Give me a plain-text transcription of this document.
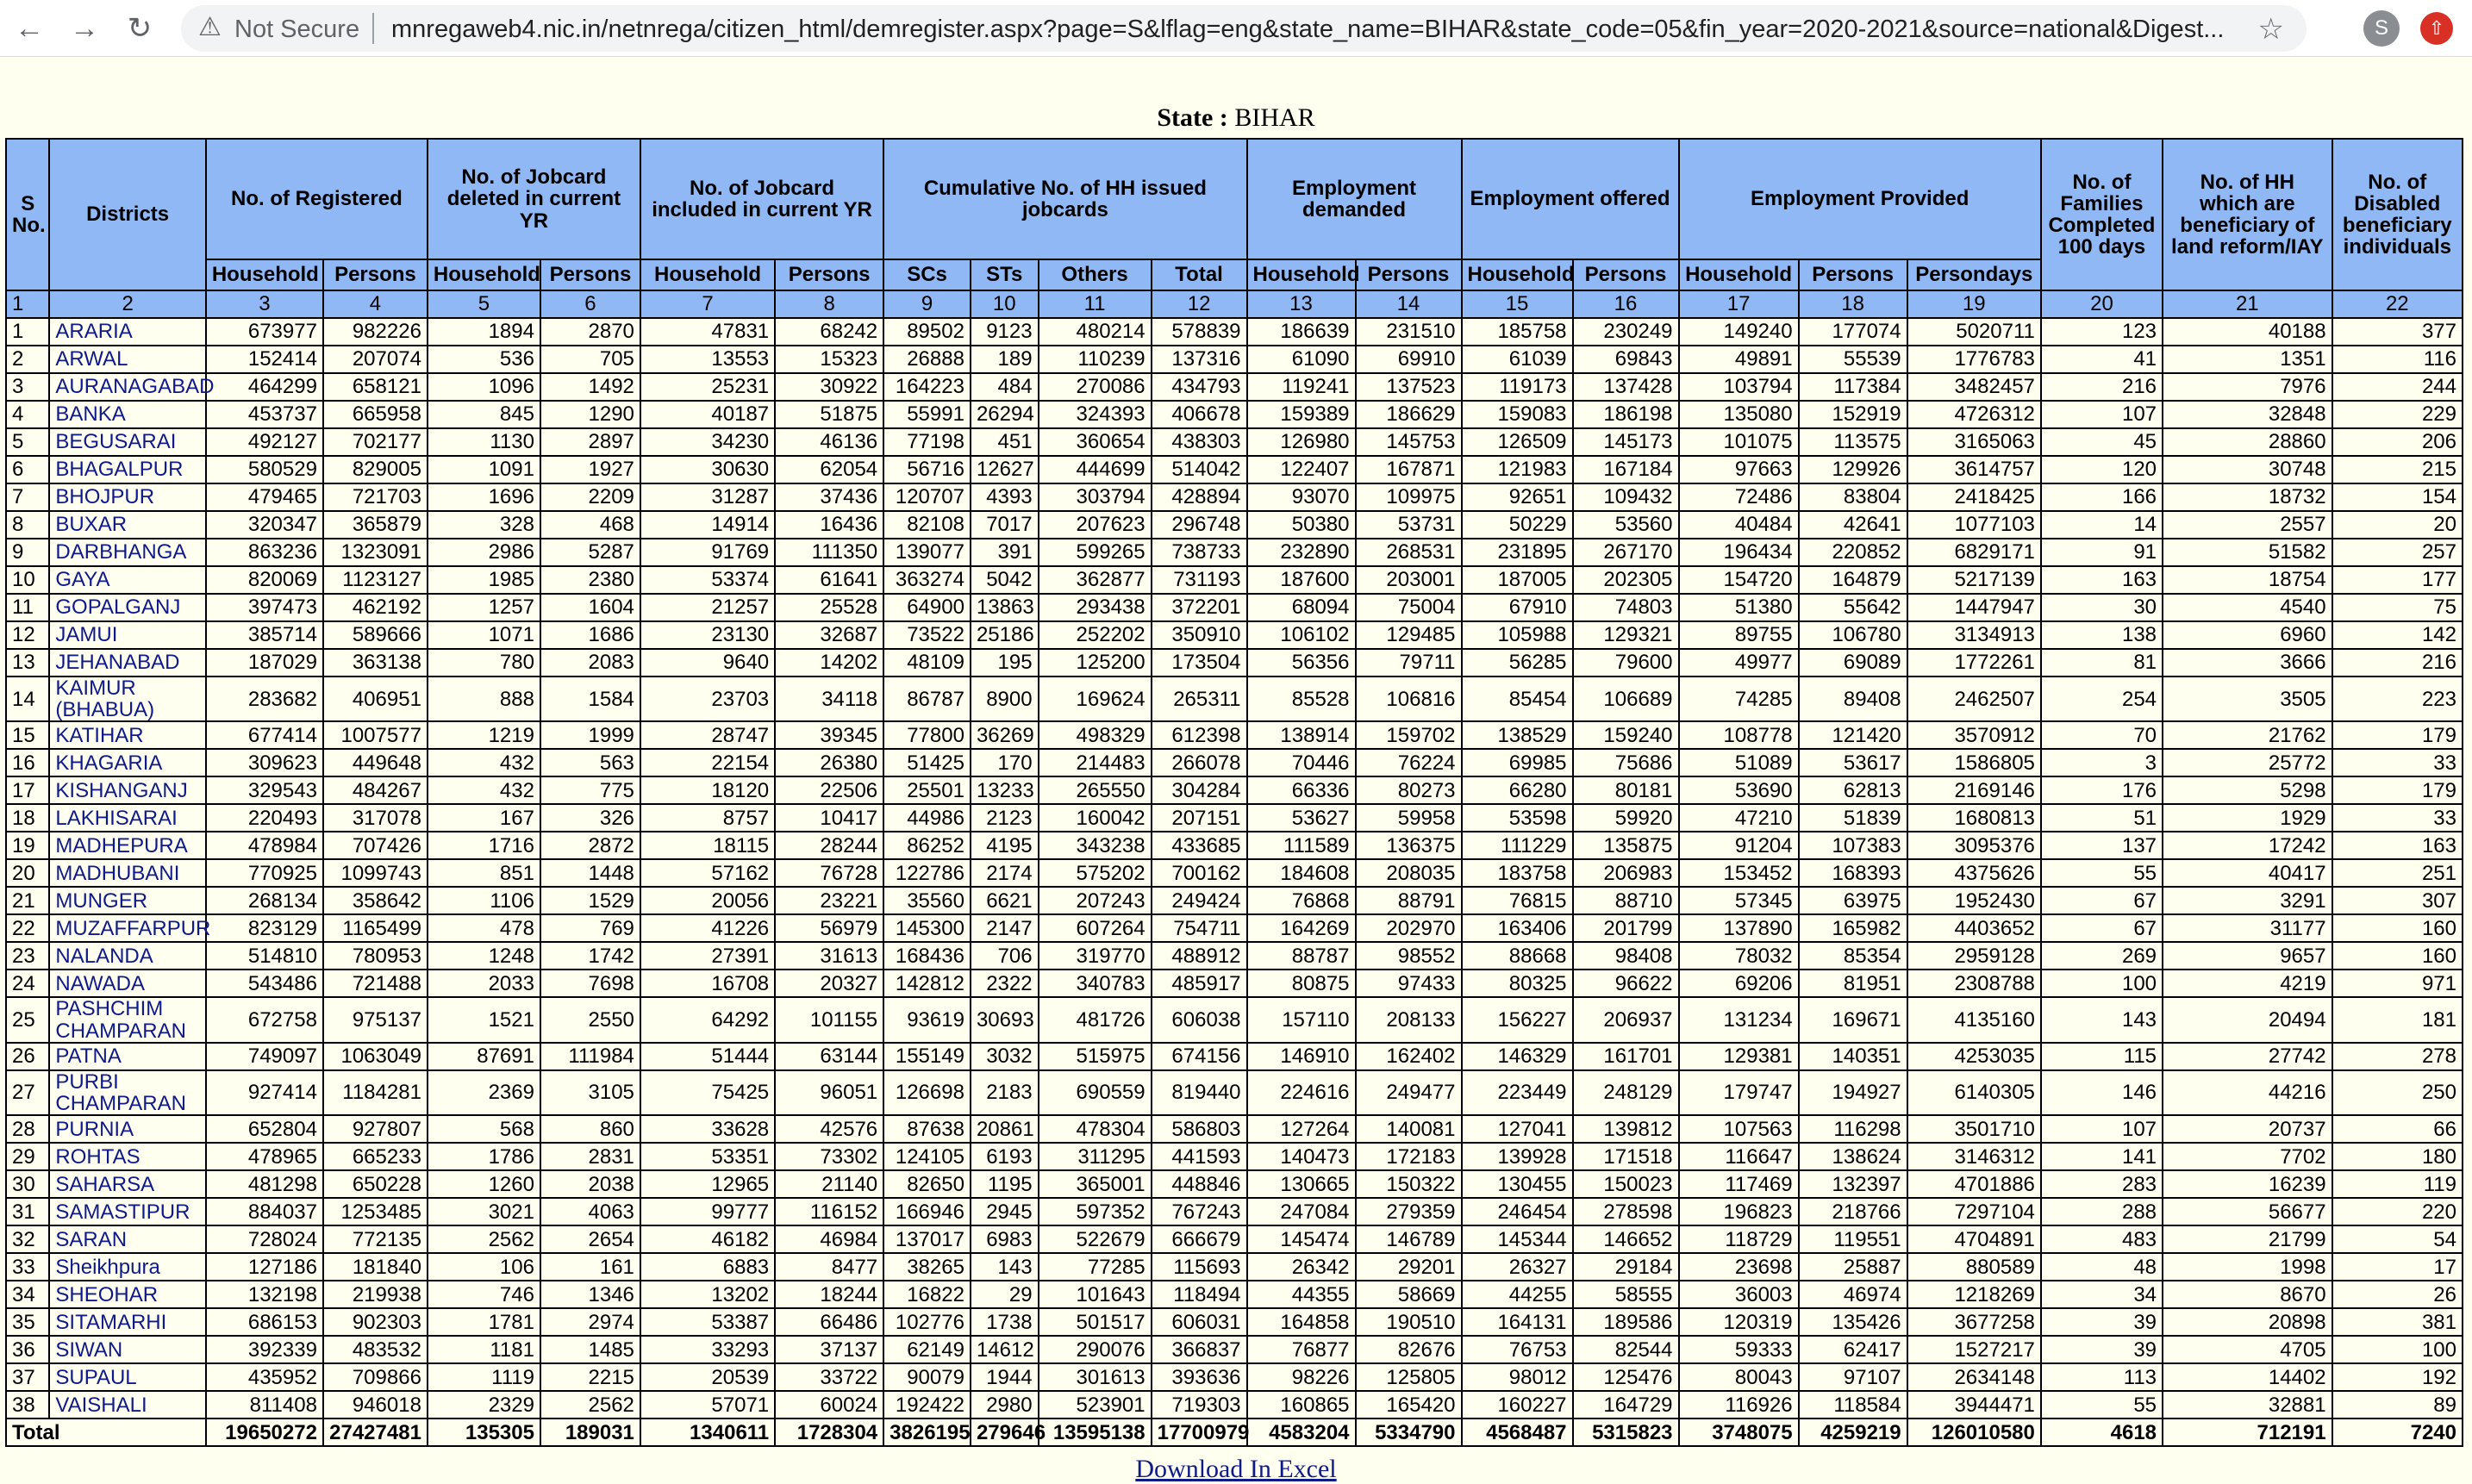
← → ↻ ⚠ Not Secure mnregaweb4.nic.in/netnrega/citizen_html/demregister.aspx?page=S&lflag=eng&state_name=BIHAR&state_code=05&fin_year=2020-2021&source=national&Digest... ☆	S	⇧
State : BIHAR
S No.	Districts	No. of Registered		No. of Jobcard deleted in current YR		No. of Jobcard included in current YR		Cumulative No. of HH issued jobcards				Employment demanded		Employment offered		Employment Provided			No. of Families Completed 100 days	No. of HH which are beneficiary of land reform/IAY	No. of Disabled beneficiary individuals
		Household	Persons	Household	Persons	Household	Persons	SCs	STs	Others	Total	Household	Persons	Household	Persons	Household	Persons	Persondays			
1	2	3	4	5	6	7	8	9	10	11	12	13	14	15	16	17	18	19	20	21	22
1	ARARIA	673977	982226	1894	2870	47831	68242	89502	9123	480214	578839	186639	231510	185758	230249	149240	177074	5020711	123	40188	377
2	ARWAL	152414	207074	536	705	13553	15323	26888	189	110239	137316	61090	69910	61039	69843	49891	55539	1776783	41	1351	116
3	AURANAGABAD	464299	658121	1096	1492	25231	30922	164223	484	270086	434793	119241	137523	119173	137428	103794	117384	3482457	216	7976	244
4	BANKA	453737	665958	845	1290	40187	51875	55991	26294	324393	406678	159389	186629	159083	186198	135080	152919	4726312	107	32848	229
5	BEGUSARAI	492127	702177	1130	2897	34230	46136	77198	451	360654	438303	126980	145753	126509	145173	101075	113575	3165063	45	28860	206
6	BHAGALPUR	580529	829005	1091	1927	30630	62054	56716	12627	444699	514042	122407	167871	121983	167184	97663	129926	3614757	120	30748	215
7	BHOJPUR	479465	721703	1696	2209	31287	37436	120707	4393	303794	428894	93070	109975	92651	109432	72486	83804	2418425	166	18732	154
8	BUXAR	320347	365879	328	468	14914	16436	82108	7017	207623	296748	50380	53731	50229	53560	40484	42641	1077103	14	2557	20
9	DARBHANGA	863236	1323091	2986	5287	91769	111350	139077	391	599265	738733	232890	268531	231895	267170	196434	220852	6829171	91	51582	257
10	GAYA	820069	1123127	1985	2380	53374	61641	363274	5042	362877	731193	187600	203001	187005	202305	154720	164879	5217139	163	18754	177
11	GOPALGANJ	397473	462192	1257	1604	21257	25528	64900	13863	293438	372201	68094	75004	67910	74803	51380	55642	1447947	30	4540	75
12	JAMUI	385714	589666	1071	1686	23130	32687	73522	25186	252202	350910	106102	129485	105988	129321	89755	106780	3134913	138	6960	142
13	JEHANABAD	187029	363138	780	2083	9640	14202	48109	195	125200	173504	56356	79711	56285	79600	49977	69089	1772261	81	3666	216
14	KAIMUR (BHABUA)	283682	406951	888	1584	23703	34118	86787	8900	169624	265311	85528	106816	85454	106689	74285	89408	2462507	254	3505	223
15	KATIHAR	677414	1007577	1219	1999	28747	39345	77800	36269	498329	612398	138914	159702	138529	159240	108778	121420	3570912	70	21762	179
16	KHAGARIA	309623	449648	432	563	22154	26380	51425	170	214483	266078	70446	76224	69985	75686	51089	53617	1586805	3	25772	33
17	KISHANGANJ	329543	484267	432	775	18120	22506	25501	13233	265550	304284	66336	80273	66280	80181	53690	62813	2169146	176	5298	179
18	LAKHISARAI	220493	317078	167	326	8757	10417	44986	2123	160042	207151	53627	59958	53598	59920	47210	51839	1680813	51	1929	33
19	MADHEPURA	478984	707426	1716	2872	18115	28244	86252	4195	343238	433685	111589	136375	111229	135875	91204	107383	3095376	137	17242	163
20	MADHUBANI	770925	1099743	851	1448	57162	76728	122786	2174	575202	700162	184608	208035	183758	206983	153452	168393	4375626	55	40417	251
21	MUNGER	268134	358642	1106	1529	20056	23221	35560	6621	207243	249424	76868	88791	76815	88710	57345	63975	1952430	67	3291	307
22	MUZAFFARPUR	823129	1165499	478	769	41226	56979	145300	2147	607264	754711	164269	202970	163406	201799	137890	165982	4403652	67	31177	160
23	NALANDA	514810	780953	1248	1742	27391	31613	168436	706	319770	488912	88787	98552	88668	98408	78032	85354	2959128	269	9657	160
24	NAWADA	543486	721488	2033	7698	16708	20327	142812	2322	340783	485917	80875	97433	80325	96622	69206	81951	2308788	100	4219	971
25	PASHCHIM CHAMPARAN	672758	975137	1521	2550	64292	101155	93619	30693	481726	606038	157110	208133	156227	206937	131234	169671	4135160	143	20494	181
26	PATNA	749097	1063049	87691	111984	51444	63144	155149	3032	515975	674156	146910	162402	146329	161701	129381	140351	4253035	115	27742	278
27	PURBI CHAMPARAN	927414	1184281	2369	3105	75425	96051	126698	2183	690559	819440	224616	249477	223449	248129	179747	194927	6140305	146	44216	250
28	PURNIA	652804	927807	568	860	33628	42576	87638	20861	478304	586803	127264	140081	127041	139812	107563	116298	3501710	107	20737	66
29	ROHTAS	478965	665233	1786	2831	53351	73302	124105	6193	311295	441593	140473	172183	139928	171518	116647	138624	3146312	141	7702	180
30	SAHARSA	481298	650228	1260	2038	12965	21140	82650	1195	365001	448846	130665	150322	130455	150023	117469	132397	4701886	283	16239	119
31	SAMASTIPUR	884037	1253485	3021	4063	99777	116152	166946	2945	597352	767243	247084	279359	246454	278598	196823	218766	7297104	288	56677	220
32	SARAN	728024	772135	2562	2654	46182	46984	137017	6983	522679	666679	145474	146789	145344	146652	118729	119551	4704891	483	21799	54
33	Sheikhpura	127186	181840	106	161	6883	8477	38265	143	77285	115693	26342	29201	26327	29184	23698	25887	880589	48	1998	17
34	SHEOHAR	132198	219938	746	1346	13202	18244	16822	29	101643	118494	44355	58669	44255	58555	36003	46974	1218269	34	8670	26
35	SITAMARHI	686153	902303	1781	2974	53387	66486	102776	1738	501517	606031	164858	190510	164131	189586	120319	135426	3677258	39	20898	381
36	SIWAN	392339	483532	1181	1485	33293	37137	62149	14612	290076	366837	76877	82676	76753	82544	59333	62417	1527217	39	4705	100
37	SUPAUL	435952	709866	1119	2215	20539	33722	90079	1944	301613	393636	98226	125805	98012	125476	80043	97107	2634148	113	14402	192
38	VAISHALI	811408	946018	2329	2562	57071	60024	192422	2980	523901	719303	160865	165420	160227	164729	116926	118584	3944471	55	32881	89
Total		19650272	27427481	135305	189031	1340611	1728304	3826195	279646	13595138	17700979	4583204	5334790	4568487	5315823	3748075	4259219	126010580	4618	712191	7240
Download In Excel
